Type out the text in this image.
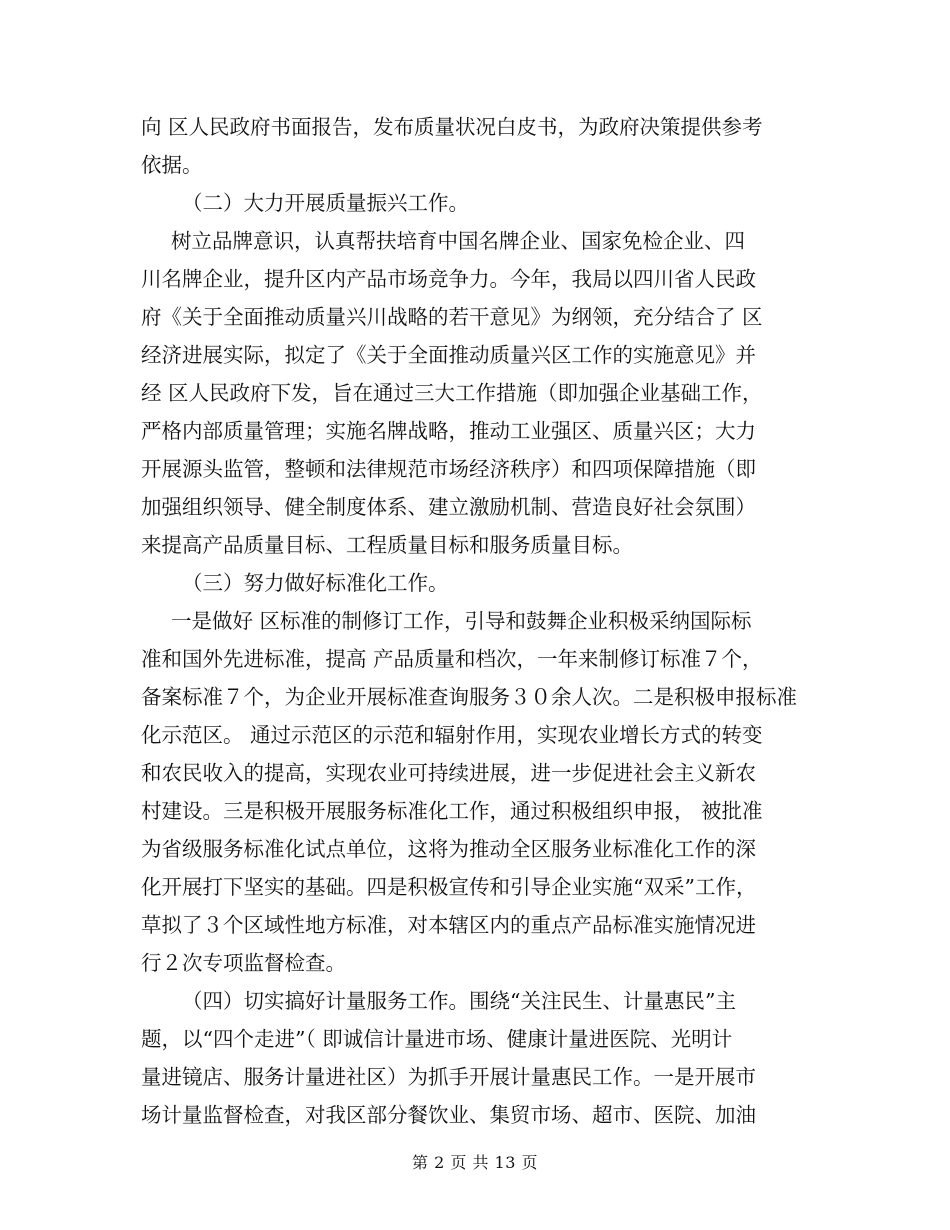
向 区人民政府书面报告，发布质量状况白皮书，为政府决策提供参考
依据。
（二）大力开展质量振兴工作。
树立品牌意识，认真帮扶培育中国名牌企业、国家免检企业、四
川名牌企业，提升区内产品市场竞争力。今年，我局以四川省人民政
府《关于全面推动质量兴川战略的若干意见》为纲领，充分结合了 区
经济进展实际，拟定了《关于全面推动质量兴区工作的实施意见》并
经 区人民政府下发，旨在通过三大工作措施（即加强企业基础工作，
严格内部质量管理；实施名牌战略，推动工业强区、质量兴区；大力
开展源头监管，整顿和法律规范市场经济秩序）和四项保障措施（即
加强组织领导、健全制度体系、建立激励机制、营造良好社会氛围）
来提高产品质量目标、工程质量目标和服务质量目标。
（三）努力做好标准化工作。
一是做好 区标准的制修订工作，引导和鼓舞企业积极采纳国际标
准和国外先进标准，提高 产品质量和档次，一年来制修订标准７个，
备案标准７个，为企业开展标准查询服务３０余人次。二是积极申报标准
化示范区。 通过示范区的示范和辐射作用，实现农业增长方式的转变
和农民收入的提高，实现农业可持续进展，进一步促进社会主义新农
村建设。三是积极开展服务标准化工作，通过积极组织申报， 被批准
为省级服务标准化试点单位，这将为推动全区服务业标准化工作的深
化开展打下坚实的基础。四是积极宣传和引导企业实施“双采”工作，
草拟了３个区域性地方标准，对本辖区内的重点产品标准实施情况进
行２次专项监督检查。
（四）切实搞好计量服务工作。围绕“关注民生、计量惠民”主
题，以“四个走进”（ 即诚信计量进市场、健康计量进医院、光明计
量进镜店、服务计量进社区）为抓手开展计量惠民工作。一是开展市
场计量监督检查，对我区部分餐饮业、集贸市场、超市、医院、加油
第 2 页 共 13 页
